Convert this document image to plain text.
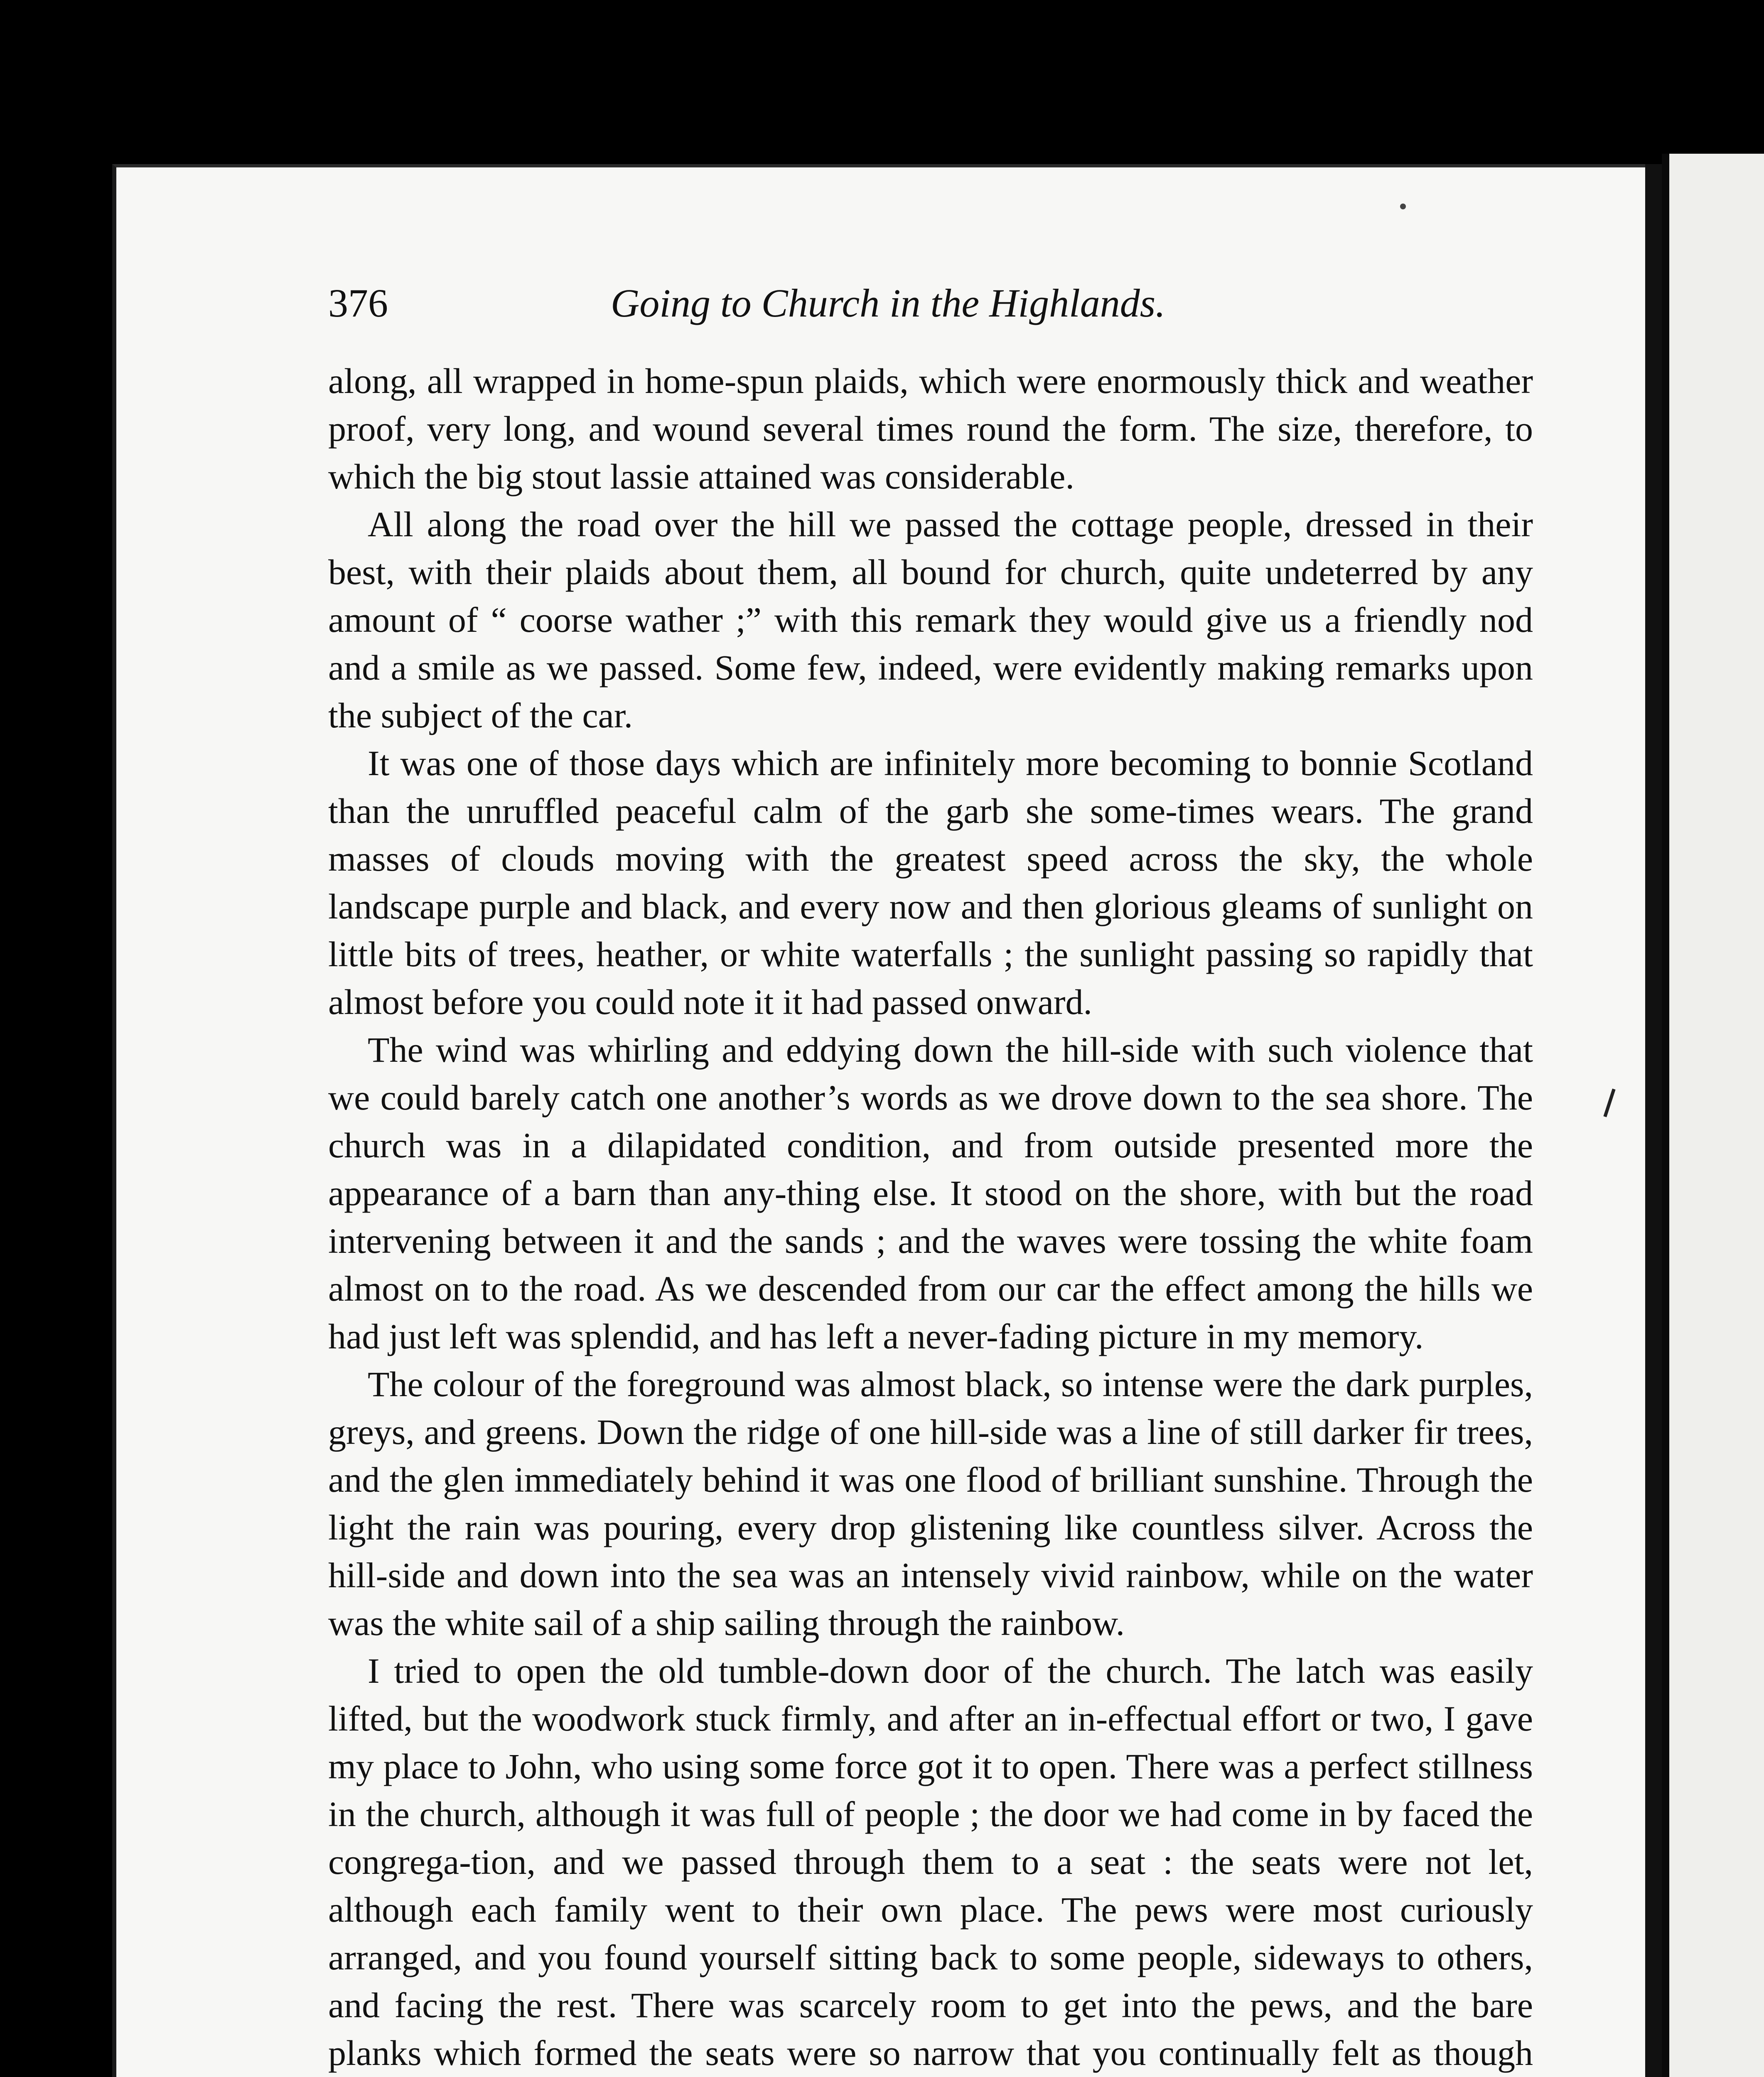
376	Going to Church in the Highlands.

along, all wrapped in home-spun plaids, which were enormously thick and weather proof, very long, and wound several times round the form. The size, therefore, to which the big stout lassie attained was considerable.

All along the road over the hill we passed the cottage people, dressed in their best, with their plaids about them, all bound for church, quite undeterred by any amount of “ coorse wather ;” with this remark they would give us a friendly nod and a smile as we passed. Some few, indeed, were evidently making remarks upon the subject of the car.

It was one of those days which are infinitely more becoming to bonnie Scotland than the unruffled peaceful calm of the garb she some-times wears. The grand masses of clouds moving with the greatest speed across the sky, the whole landscape purple and black, and every now and then glorious gleams of sunlight on little bits of trees, heather, or white waterfalls ; the sunlight passing so rapidly that almost before you could note it it had passed onward.

The wind was whirling and eddying down the hill-side with such violence that we could barely catch one another’s words as we drove down to the sea shore. The church was in a dilapidated condition, and from outside presented more the appearance of a barn than any-thing else. It stood on the shore, with but the road intervening between it and the sands ; and the waves were tossing the white foam almost on to the road. As we descended from our car the effect among the hills we had just left was splendid, and has left a never-fading picture in my memory.

The colour of the foreground was almost black, so intense were the dark purples, greys, and greens. Down the ridge of one hill-side was a line of still darker fir trees, and the glen immediately behind it was one flood of brilliant sunshine. Through the light the rain was pouring, every drop glistening like countless silver. Across the hill-side and down into the sea was an intensely vivid rainbow, while on the water was the white sail of a ship sailing through the rainbow.

I tried to open the old tumble-down door of the church. The latch was easily lifted, but the woodwork stuck firmly, and after an in-effectual effort or two, I gave my place to John, who using some force got it to open. There was a perfect stillness in the church, although it was full of people ; the door we had come in by faced the congrega-tion, and we passed through them to a seat : the seats were not let, although each family went to their own place. The pews were most curiously arranged, and you found yourself sitting back to some people, sideways to others, and facing the rest. There was scarcely room to get into the pews, and the bare planks which formed the seats were so narrow that you continually felt as though
